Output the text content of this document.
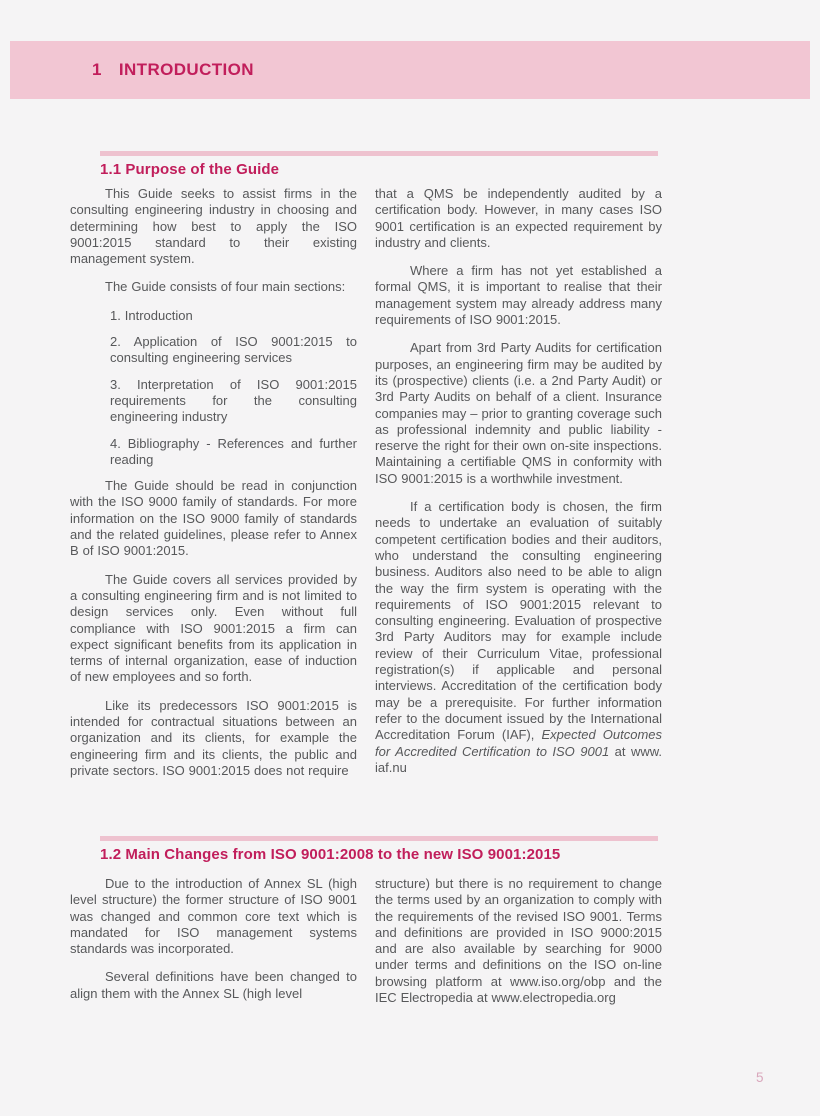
1 INTRODUCTION
1.1 Purpose of the Guide

This Guide seeks to assist firms in the consulting engineering industry in choosing and determining how best to apply the ISO 9001:2015 standard to their existing management system.

The Guide consists of four main sections:

1. Introduction

2. Application of ISO 9001:2015 to consulting engineering services

3. Interpretation of ISO 9001:2015 requirements for the consulting engineering industry

4. Bibliography - References and further reading

The Guide should be read in conjunction with the ISO 9000 family of standards. For more information on the ISO 9000 family of standards and the related guidelines, please refer to Annex B of ISO 9001:2015.

The Guide covers all services provided by a consulting engineering firm and is not limited to design services only. Even without full compliance with ISO 9001:2015 a firm can expect significant benefits from its application in terms of internal organization, ease of induction of new employees and so forth.

Like its predecessors ISO 9001:2015 is intended for contractual situations between an organization and its clients, for example the engineering firm and its clients, the public and private sectors. ISO 9001:2015 does not require

that a QMS be independently audited by a certification body. However, in many cases ISO 9001 certification is an expected requirement by industry and clients.

Where a firm has not yet established a formal QMS, it is important to realise that their management system may already address many requirements of ISO 9001:2015.

Apart from 3rd Party Audits for certification purposes, an engineering firm may be audited by its (prospective) clients (i.e. a 2nd Party Audit) or 3rd Party Audits on behalf of a client. Insurance companies may – prior to granting coverage such as professional indemnity and public liability - reserve the right for their own on-site inspections. Maintaining a certifiable QMS in conformity with ISO 9001:2015 is a worthwhile investment.

If a certification body is chosen, the firm needs to undertake an evaluation of suitably competent certification bodies and their auditors, who understand the consulting engineering business. Auditors also need to be able to align the way the firm system is operating with the requirements of ISO 9001:2015 relevant to consulting engineering. Evaluation of prospective 3rd Party Auditors may for example include review of their Curriculum Vitae, professional registration(s) if applicable and personal interviews. Accreditation of the certification body may be a prerequisite. For further information refer to the document issued by the International Accreditation Forum (IAF), Expected Outcomes for Accredited Certification to ISO 9001 at www. iaf.nu

1.2 Main Changes from ISO 9001:2008 to the new ISO 9001:2015

Due to the introduction of Annex SL (high level structure) the former structure of ISO 9001 was changed and common core text which is mandated for ISO management systems standards was incorporated.

Several definitions have been changed to align them with the Annex SL (high level

structure) but there is no requirement to change the terms used by an organization to comply with the requirements of the revised ISO 9001. Terms and definitions are provided in ISO 9000:2015 and are also available by searching for 9000 under terms and definitions on the ISO on-line browsing platform at www.iso.org/obp and the IEC Electropedia at www.electropedia.org

5
